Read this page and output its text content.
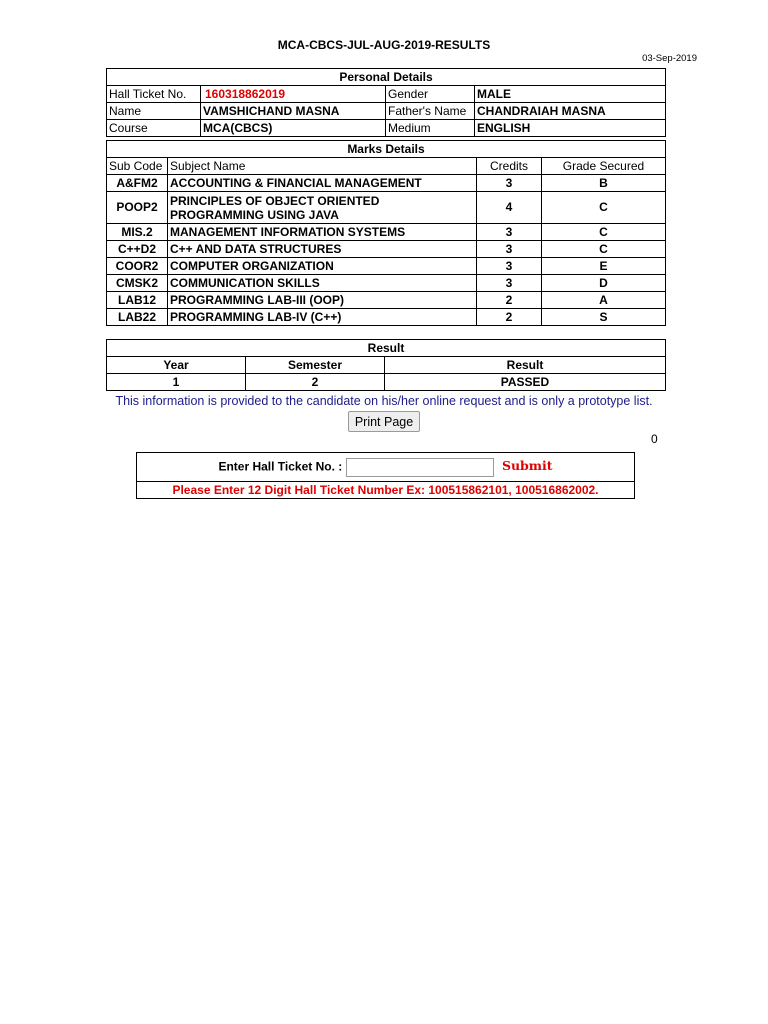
MCA-CBCS-JUL-AUG-2019-RESULTS
03-Sep-2019
Personal Details			
Hall Ticket No.	160318862019	Gender	MALE
Name	VAMSHICHAND MASNA	Father's Name	CHANDRAIAH MASNA
Course	MCA(CBCS)	Medium	ENGLISH
Marks Details			
Sub Code	Subject Name	Credits	Grade Secured
A&FM2	ACCOUNTING & FINANCIAL MANAGEMENT	3	B
POOP2	PRINCIPLES OF OBJECT ORIENTED PROGRAMMING USING JAVA	4	C
MIS.2	MANAGEMENT INFORMATION SYSTEMS	3	C
C++D2	C++ AND DATA STRUCTURES	3	C
COOR2	COMPUTER ORGANIZATION	3	E
CMSK2	COMMUNICATION SKILLS	3	D
LAB12	PROGRAMMING LAB-III (OOP)	2	A
LAB22	PROGRAMMING LAB-IV (C++)	2	S
Result		
Year	Semester	Result
1	2	PASSED
This information is provided to the candidate on his/her online request and is only a prototype list.
Print Page
0
Enter Hall Ticket No. :	Submit
Please Enter 12 Digit Hall Ticket Number Ex: 100515862101, 100516862002.
